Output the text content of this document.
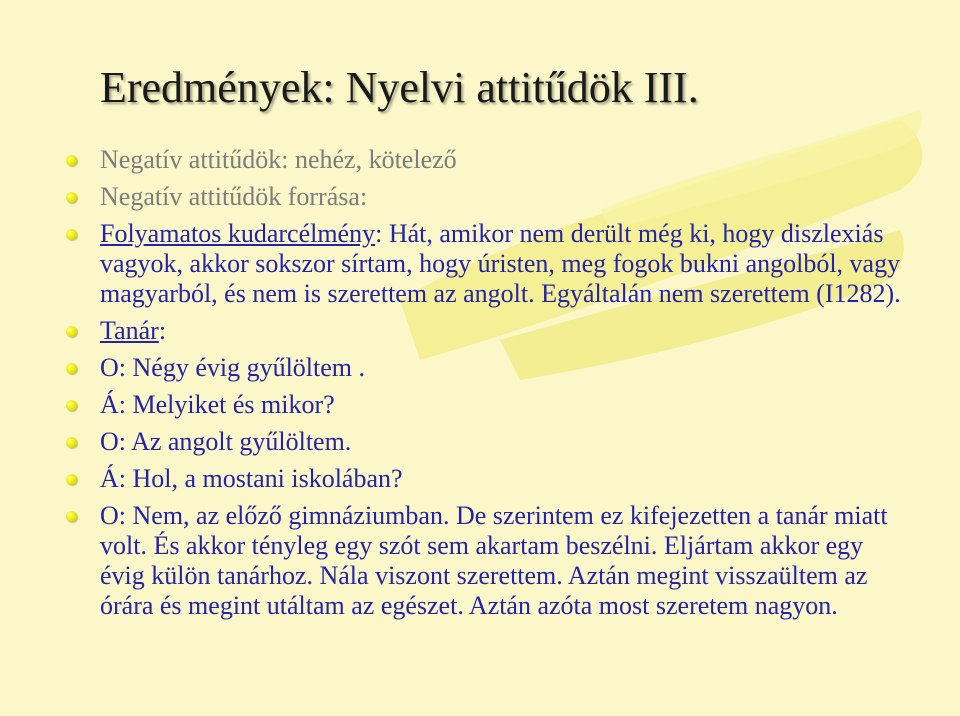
Eredmények: Nyelvi attitűdök III.
Negatív attitűdök: nehéz, kötelező
Negatív attitűdök forrása:
Folyamatos kudarcélmény: Hát, amikor nem derült még ki, hogy diszlexiás vagyok, akkor sokszor sírtam, hogy úristen, meg fogok bukni angolból, vagy magyarból, és nem is szerettem az angolt. Egyáltalán nem szerettem (I1282).
Tanár:
O: Négy évig gyűlöltem .
Á: Melyiket és mikor?
O: Az angolt gyűlöltem.
Á: Hol, a mostani iskolában?
O: Nem, az előző gimnáziumban. De szerintem ez kifejezetten a tanár miatt volt. És akkor tényleg egy szót sem akartam beszélni. Eljártam akkor egy évig külön tanárhoz. Nála viszont szerettem. Aztán megint visszaültem az órára és megint utáltam az egészet. Aztán azóta most szeretem nagyon.
